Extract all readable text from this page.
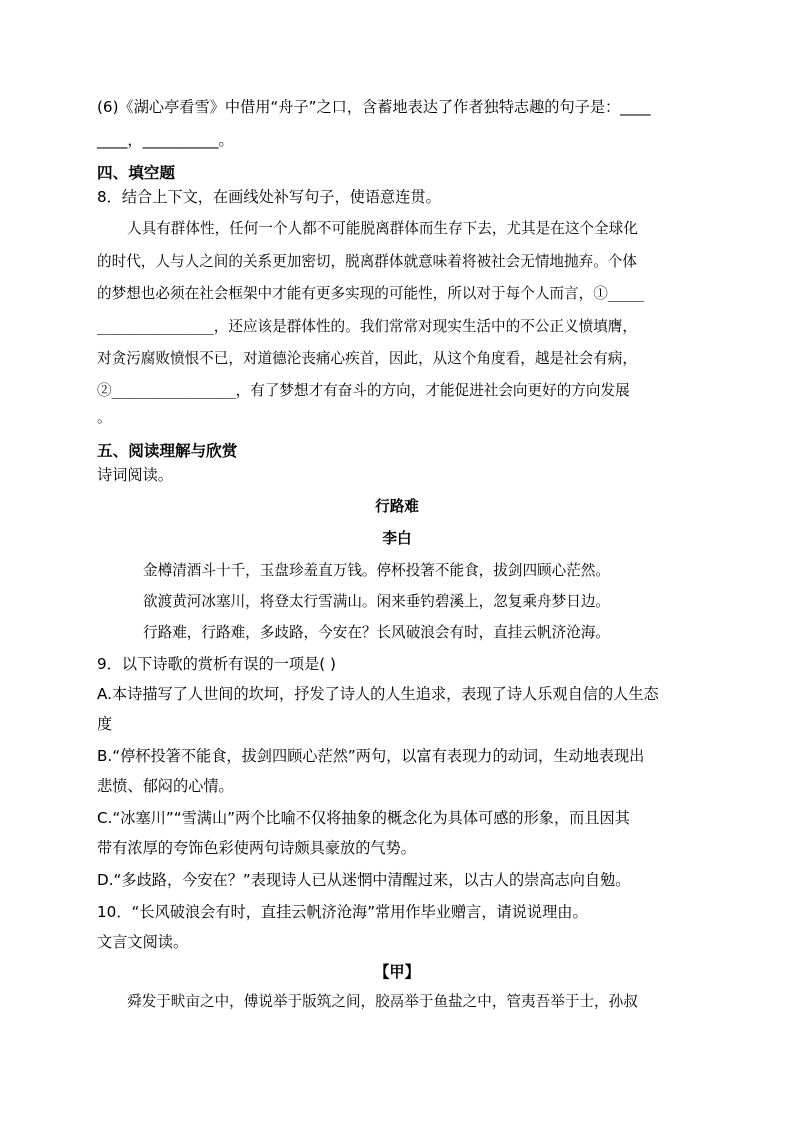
(6)《湖心亭看雪》中借用“舟子”之口，含蓄地表达了作者独特志趣的句子是：____
____，__________。
四、填空题
8．结合上下文，在画线处补写句子，使语意连贯。
人具有群体性，任何一个人都不可能脱离群体而生存下去，尤其是在这个全球化
的时代，人与人之间的关系更加密切，脱离群体就意味着将被社会无情地抛弃。个体
的梦想也必须在社会框架中才能有更多实现的可能性，所以对于每个人而言，①_____
________________，还应该是群体性的。我们常常对现实生活中的不公正义愤填膺，
对贪污腐败愤恨不已，对道德沦丧痛心疾首，因此，从这个角度看，越是社会有病，
②_________________，有了梦想才有奋斗的方向，才能促进社会向更好的方向发展
。
五、阅读理解与欣赏
诗词阅读。
行路难
李白
金樽清酒斗十千，玉盘珍羞直万钱。停杯投箸不能食，拔剑四顾心茫然。
欲渡黄河冰塞川，将登太行雪满山。闲来垂钓碧溪上，忽复乘舟梦日边。
行路难，行路难，多歧路，今安在？长风破浪会有时，直挂云帆济沧海。
9．以下诗歌的赏析有误的一项是( )
A.本诗描写了人世间的坎坷，抒发了诗人的人生追求，表现了诗人乐观自信的人生态
度
B.“停杯投箸不能食，拔剑四顾心茫然”两句，以富有表现力的动词，生动地表现出
悲愤、郁闷的心情。
C.“冰塞川”“雪满山”两个比喻不仅将抽象的概念化为具体可感的形象，而且因其
带有浓厚的夸饰色彩使两句诗颇具豪放的气势。
D.“多歧路，今安在？”表现诗人已从迷惘中清醒过来，以古人的崇高志向自勉。
10．“长风破浪会有时，直挂云帆济沧海”常用作毕业赠言，请说说理由。
文言文阅读。
【甲】
舜发于畎亩之中，傅说举于版筑之间，胶鬲举于鱼盐之中，管夷吾举于士，孙叔
